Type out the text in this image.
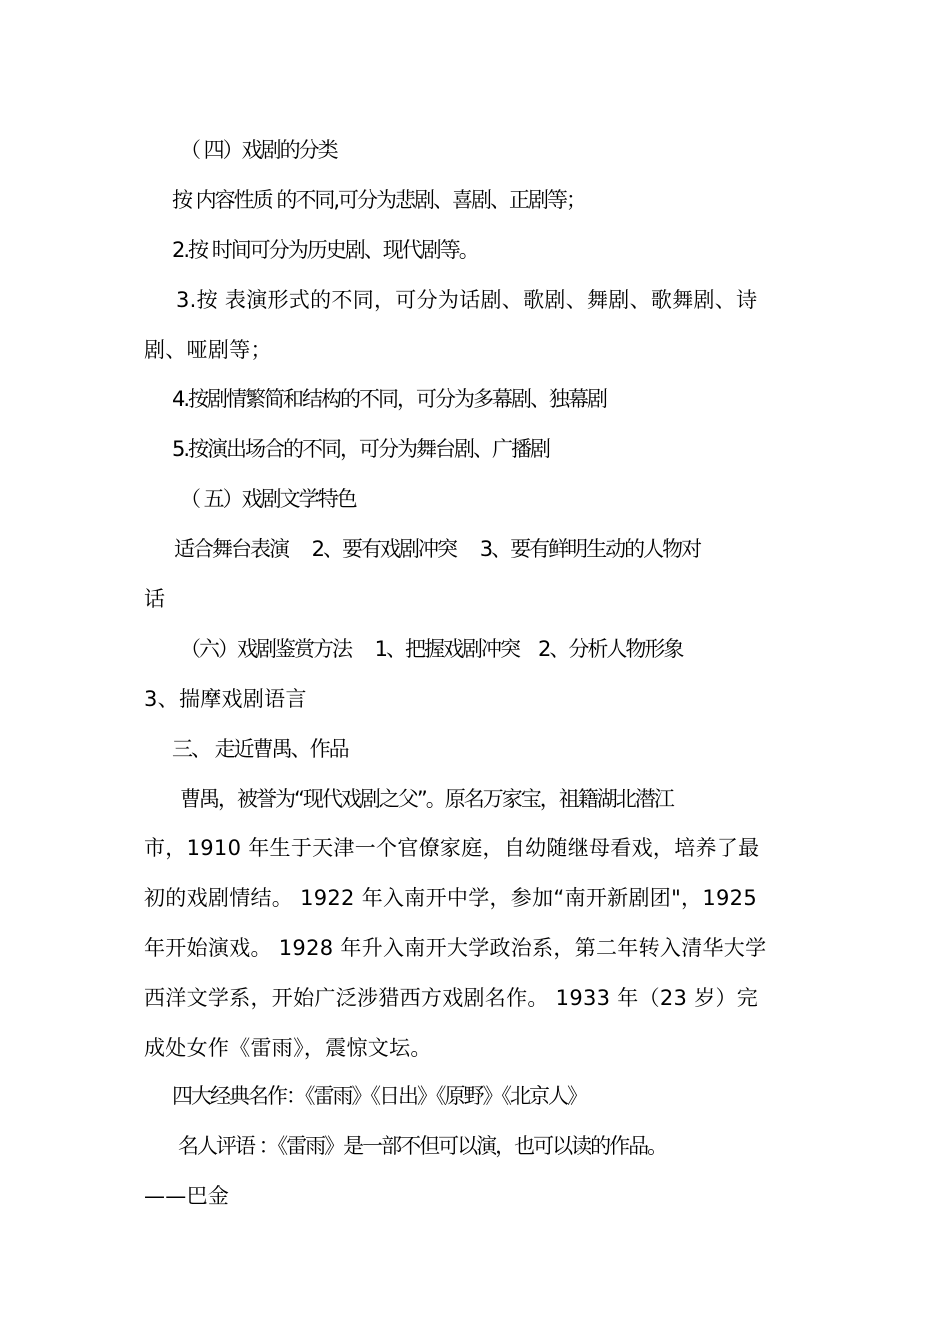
（ 四）戏剧的分类
按 内容性质 的不同,可分为悲剧、喜剧、正剧等；
2.按 时间可分为历史剧、现代剧等。
3.按 表演形式的不同，可分为话剧、歌剧、舞剧、歌舞剧、诗
剧、哑剧等；
4.按剧情繁简和结构的不同，可分为多幕剧、独幕剧
5.按演出场合的不同，可分为舞台剧、广播剧
（ 五）戏剧文学特色
适合舞台表演　 2、要有戏剧冲突　 3、要有鲜明生动的人物对
话
（六）戏剧鉴赏方法　 1、把握戏剧冲突　2、分析人物形象
3、揣摩戏剧语言
三、 走近曹禺、作品
曹禺，被誉为“现代戏剧之父”。原名万家宝，祖籍湖北潜江
市，1910 年生于天津一个官僚家庭，自幼随继母看戏，培养了最
初的戏剧情结。 1922 年入南开中学，参加“南开新剧团"，1925
年开始演戏。 1928 年升入南开大学政治系，第二年转入清华大学
西洋文学系，开始广泛涉猎西方戏剧名作。 1933 年（23 岁）完
成处女作《雷雨》，震惊文坛。
四大经典名作：《雷雨》《日出》《原野》《北京人》
名人评语 ：《雷雨》是一部不但可以演，也可以读的作品。
——巴金
